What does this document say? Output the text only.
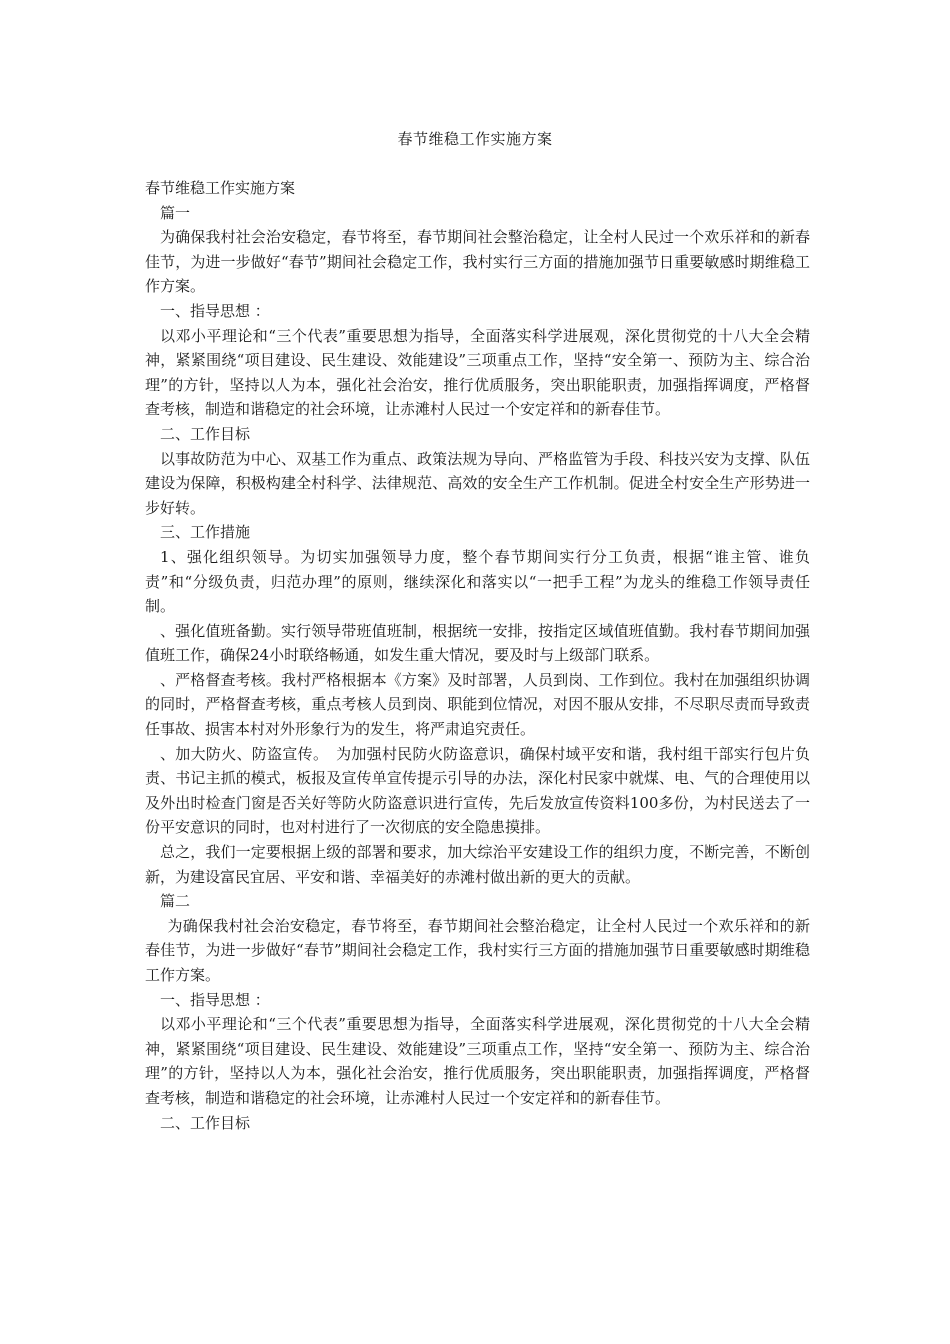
春节维稳工作实施方案

春节维稳工作实施方案

篇一

为确保我村社会治安稳定，春节将至，春节期间社会整治稳定，让全村人民过一个欢乐祥和的新春佳节，为进一步做好“春节”期间社会稳定工作，我村实行三方面的措施加强节日重要敏感时期维稳工作方案。

一、指导思想 ：

以邓小平理论和“三个代表”重要思想为指导，全面落实科学进展观，深化贯彻党的十八大全会精神，紧紧围绕“项目建设、民生建设、效能建设”三项重点工作，坚持“安全第一、预防为主、综合治理”的方针，坚持以人为本，强化社会治安，推行优质服务，突出职能职责，加强指挥调度，严格督查考核，制造和谐稳定的社会环境，让赤滩村人民过一个安定祥和的新春佳节。

二、工作目标

以事故防范为中心、双基工作为重点、政策法规为导向、严格监管为手段、科技兴安为支撑、队伍建设为保障，积极构建全村科学、法律规范、高效的安全生产工作机制。促进全村安全生产形势进一步好转。

三、工作措施

1、强化组织领导。为切实加强领导力度，整个春节期间实行分工负责，根据“谁主管、谁负责”和“分级负责，归范办理”的原则，继续深化和落实以“一把手工程”为龙头的维稳工作领导责任制。

、强化值班备勤。实行领导带班值班制，根据统一安排，按指定区域值班值勤。我村春节期间加强值班工作，确保24小时联络畅通，如发生重大情况，要及时与上级部门联系。

、严格督查考核。我村严格根据本《方案》及时部署，人员到岗、工作到位。我村在加强组织协调的同时，严格督查考核，重点考核人员到岗、职能到位情况，对因不服从安排，不尽职尽责而导致责任事故、损害本村对外形象行为的发生，将严肃追究责任。

、加大防火、防盗宣传。　为加强村民防火防盗意识，确保村域平安和谐，我村组干部实行包片负责、书记主抓的模式，板报及宣传单宣传提示引导的办法，深化村民家中就煤、电、气的合理使用以及外出时检查门窗是否关好等防火防盗意识进行宣传，先后发放宣传资料100多份，为村民送去了一份平安意识的同时，也对村进行了一次彻底的安全隐患摸排。

总之，我们一定要根据上级的部署和要求，加大综治平安建设工作的组织力度，不断完善，不断创新，为建设富民宜居、平安和谐、幸福美好的赤滩村做出新的更大的贡献。

篇二

为确保我村社会治安稳定，春节将至，春节期间社会整治稳定，让全村人民过一个欢乐祥和的新春佳节，为进一步做好“春节”期间社会稳定工作，我村实行三方面的措施加强节日重要敏感时期维稳工作方案。

一、指导思想 ：

以邓小平理论和“三个代表”重要思想为指导，全面落实科学进展观，深化贯彻党的十八大全会精神，紧紧围绕“项目建设、民生建设、效能建设”三项重点工作，坚持“安全第一、预防为主、综合治理”的方针，坚持以人为本，强化社会治安，推行优质服务，突出职能职责，加强指挥调度，严格督查考核，制造和谐稳定的社会环境，让赤滩村人民过一个安定祥和的新春佳节。

二、工作目标
